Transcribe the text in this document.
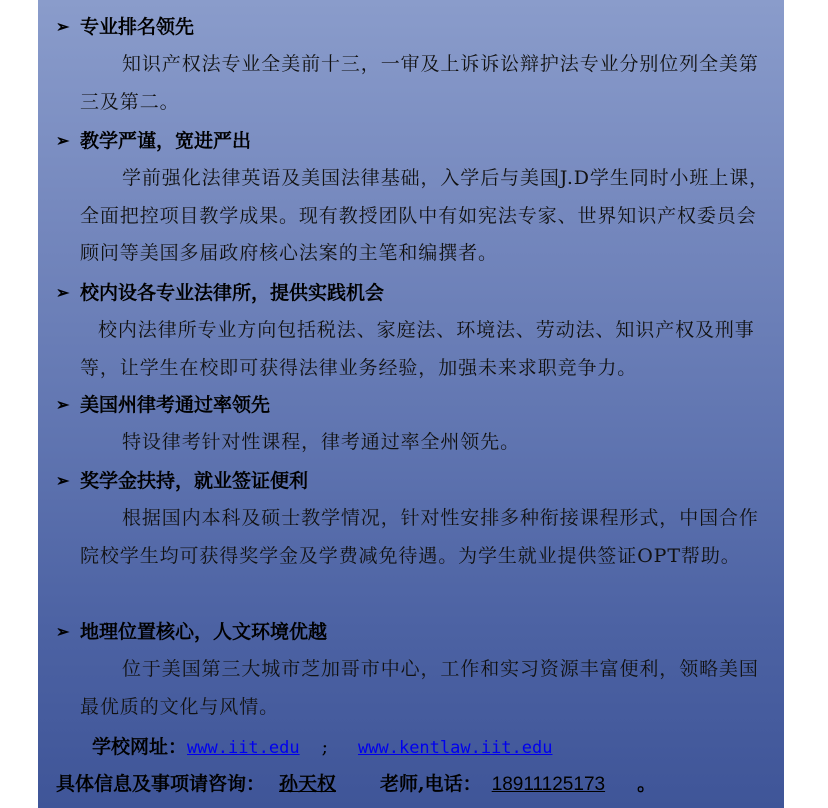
➢ 专业排名领先
知识产权法专业全美前十三，一审及上诉诉讼辩护法专业分别位列全美第三及第二。
➢ 教学严谨，宽进严出
学前强化法律英语及美国法律基础，入学后与美国J.D学生同时小班上课，全面把控项目教学成果。现有教授团队中有如宪法专家、世界知识产权委员会顾问等美国多届政府核心法案的主笔和编撰者。
➢ 校内设各专业法律所，提供实践机会
校内法律所专业方向包括税法、家庭法、环境法、劳动法、知识产权及刑事等，让学生在校即可获得法律业务经验，加强未来求职竞争力。
➢ 美国州律考通过率领先
特设律考针对性课程，律考通过率全州领先。
➢ 奖学金扶持，就业签证便利
根据国内本科及硕士教学情况，针对性安排多种衔接课程形式，中国合作院校学生均可获得奖学金及学费减免待遇。为学生就业提供签证OPT帮助。
➢ 地理位置核心，人文环境优越
位于美国第三大城市芝加哥市中心，工作和实习资源丰富便利，领略美国最优质的文化与风情。
学校网址：www.iit.edu ; www.kentlaw.iit.edu
具体信息及事项请咨询： 孙天权 老师,电话： 18911125173 。
